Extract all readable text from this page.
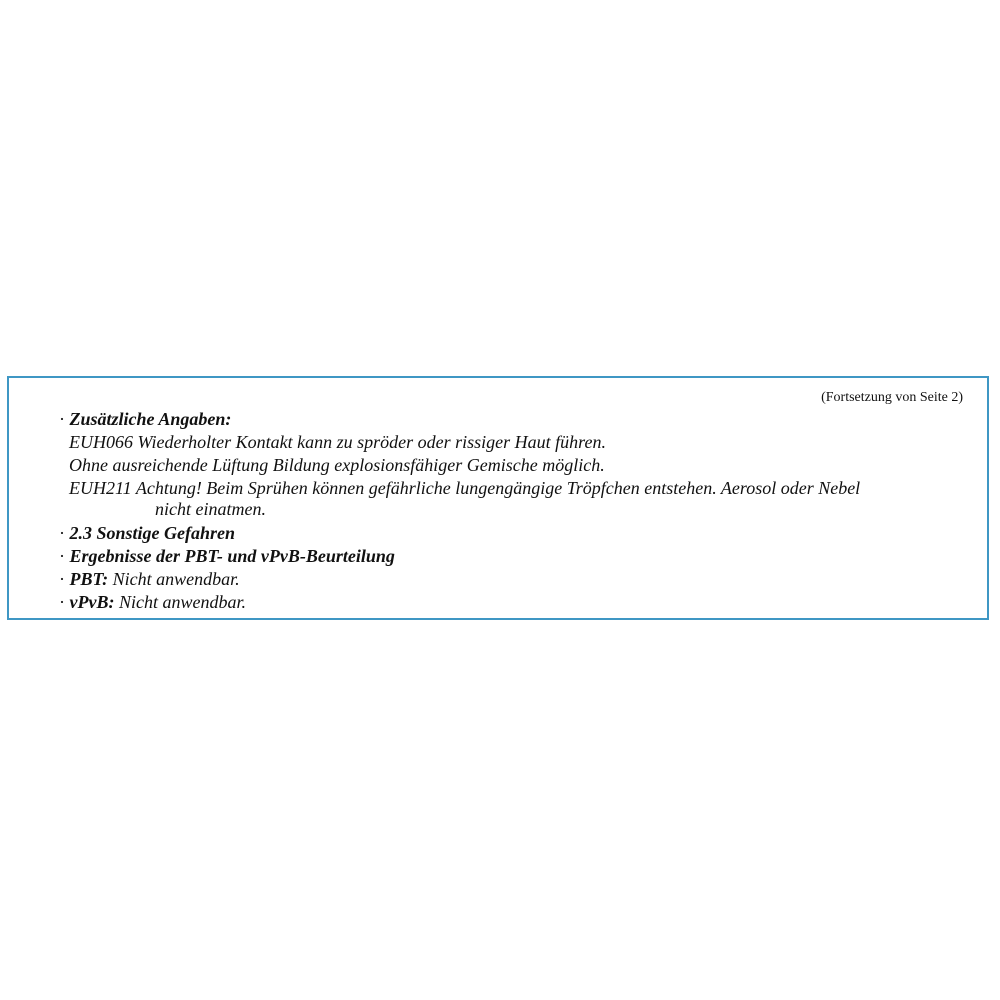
(Fortsetzung von Seite 2)
· Zusätzliche Angaben:
EUH066 Wiederholter Kontakt kann zu spröder oder rissiger Haut führen.
Ohne ausreichende Lüftung Bildung explosionsfähiger Gemische möglich.
EUH211 Achtung! Beim Sprühen können gefährliche lungengängige Tröpfchen entstehen. Aerosol oder Nebel
nicht einatmen.
· 2.3 Sonstige Gefahren
· Ergebnisse der PBT- und vPvB-Beurteilung
· PBT: Nicht anwendbar.
· vPvB: Nicht anwendbar.
